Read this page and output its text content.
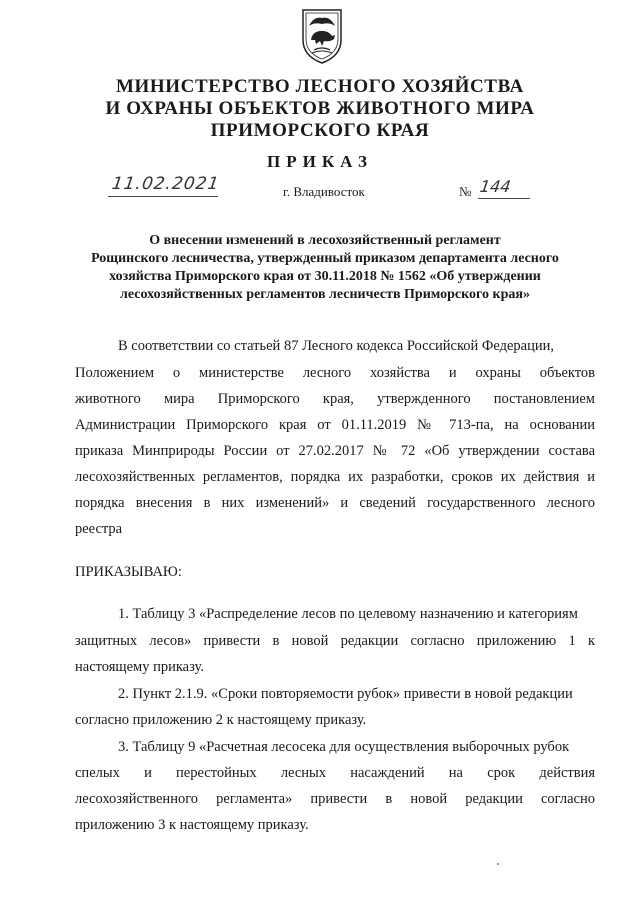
МИНИСТЕРСТВО ЛЕСНОГО ХОЗЯЙСТВА
И ОХРАНЫ ОБЪЕКТОВ ЖИВОТНОГО МИРА
ПРИМОРСКОГО КРАЯ
ПРИКАЗ
11.02.2021	г. Владивосток	№ 144
О внесении изменений в лесохозяйственный регламент
Рощинского лесничества, утвержденный приказом департамента лесного
хозяйства Приморского края от 30.11.2018 № 1562 «Об утверждении
лесохозяйственных регламентов лесничеств Приморского края»
В соответствии со статьей 87 Лесного кодекса Российской Федерации,
Положением о министерстве лесного хозяйства и охраны объектов
животного мира Приморского края, утвержденного постановлением
Администрации Приморского края от 01.11.2019 № 713-па, на основании
приказа Минприроды России от 27.02.2017 № 72 «Об утверждении состава
лесохозяйственных регламентов, порядка их разработки, сроков их действия и
порядка внесения в них изменений» и сведений государственного лесного
реестра
ПРИКАЗЫВАЮ:
1. Таблицу 3 «Распределение лесов по целевому назначению и категориям
защитных лесов» привести в новой редакции согласно приложению 1 к
настоящему приказу.
2. Пункт 2.1.9. «Сроки повторяемости рубок» привести в новой редакции
согласно приложению 2 к настоящему приказу.
3. Таблицу 9 «Расчетная лесосека для осуществления выборочных рубок
спелых и перестойных лесных насаждений на срок действия
лесохозяйственного регламента» привести в новой редакции согласно
приложению 3 к настоящему приказу.
